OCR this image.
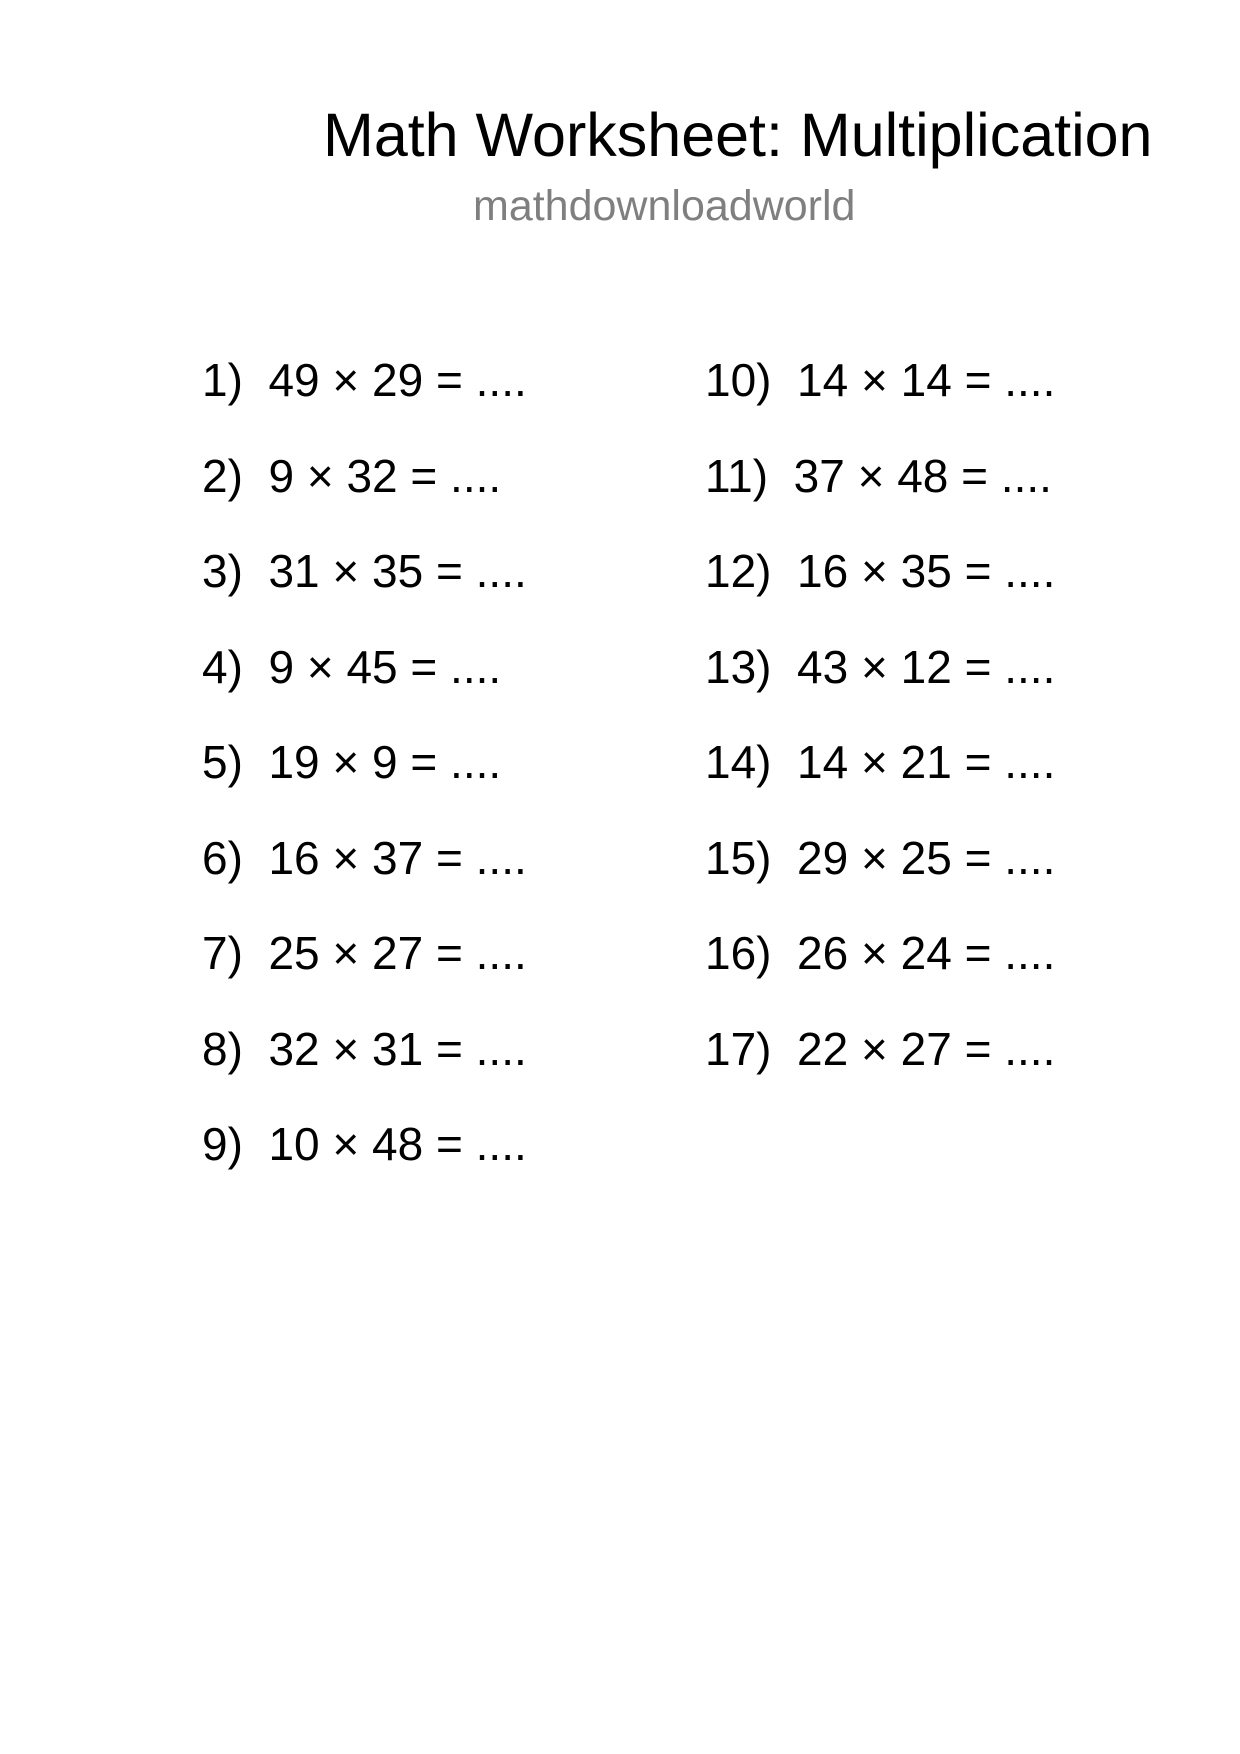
Math Worksheet: Multiplication
mathdownloadworld
1)  49 × 29 = ....
2)  9 × 32 = ....
3)  31 × 35 = ....
4)  9 × 45 = ....
5)  19 × 9 = ....
6)  16 × 37 = ....
7)  25 × 27 = ....
8)  32 × 31 = ....
9)  10 × 48 = ....
10)  14 × 14 = ....
11)  37 × 48 = ....
12)  16 × 35 = ....
13)  43 × 12 = ....
14)  14 × 21 = ....
15)  29 × 25 = ....
16)  26 × 24 = ....
17)  22 × 27 = ....
